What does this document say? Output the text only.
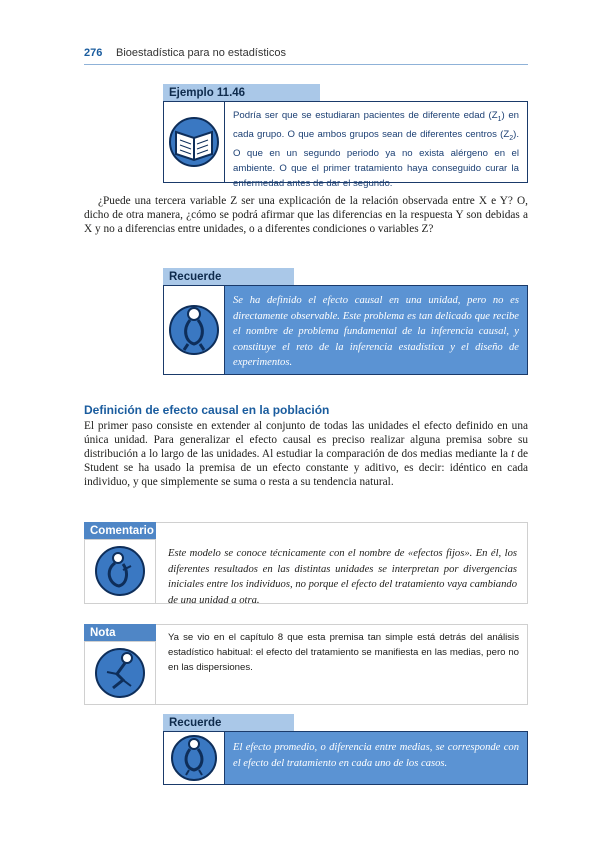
276 Bioestadística para no estadísticos
Ejemplo 11.46
Podría ser que se estudiaran pacientes de diferente edad $(Z_1)$ en cada grupo. O que ambos grupos sean de diferentes centros $(Z_2)$. O que en un segundo periodo ya no exista alérgeno en el ambiente. O que el primer tratamiento haya conseguido curar la enfermedad antes de dar el segundo.
¿Puede una tercera variable Z ser una explicación de la relación observada entre X e Y? O, dicho de otra manera, ¿cómo se podrá afirmar que las diferencias en la respuesta Y son debidas a X y no a diferencias entre unidades, o a diferentes condiciones o variables Z?
Recuerde
Se ha definido el efecto causal en una unidad, pero no es directamente observable. Este problema es tan delicado que recibe el nombre de problema fundamental de la inferencia causal, y constituye el reto de la inferencia estadística y el diseño de experimentos.
Definición de efecto causal en la población
El primer paso consiste en extender al conjunto de todas las unidades el efecto definido en una única unidad. Para generalizar el efecto causal es preciso realizar alguna premisa sobre su distribución a lo largo de las unidades. Al estudiar la comparación de dos medias mediante la t de Student se ha usado la premisa de un efecto constante y aditivo, es decir: idéntico en cada individuo, y que simplemente se suma o resta a su tendencia natural.
Comentario
Este modelo se conoce técnicamente con el nombre de «efectos fijos». En él, los diferentes resultados en las distintas unidades se interpretan por divergencias iniciales entre los individuos, no porque el efecto del tratamiento vaya cambiando de una unidad a otra.
Nota	Ya se vio en el capítulo 8 que esta premisa tan simple está detrás del análisis estadístico habitual: el efecto del tratamiento se manifiesta en las medias, pero no en las dispersiones.
Recuerde
El efecto promedio, o diferencia entre medias, se corresponde con el efecto del tratamiento en cada uno de los casos.
